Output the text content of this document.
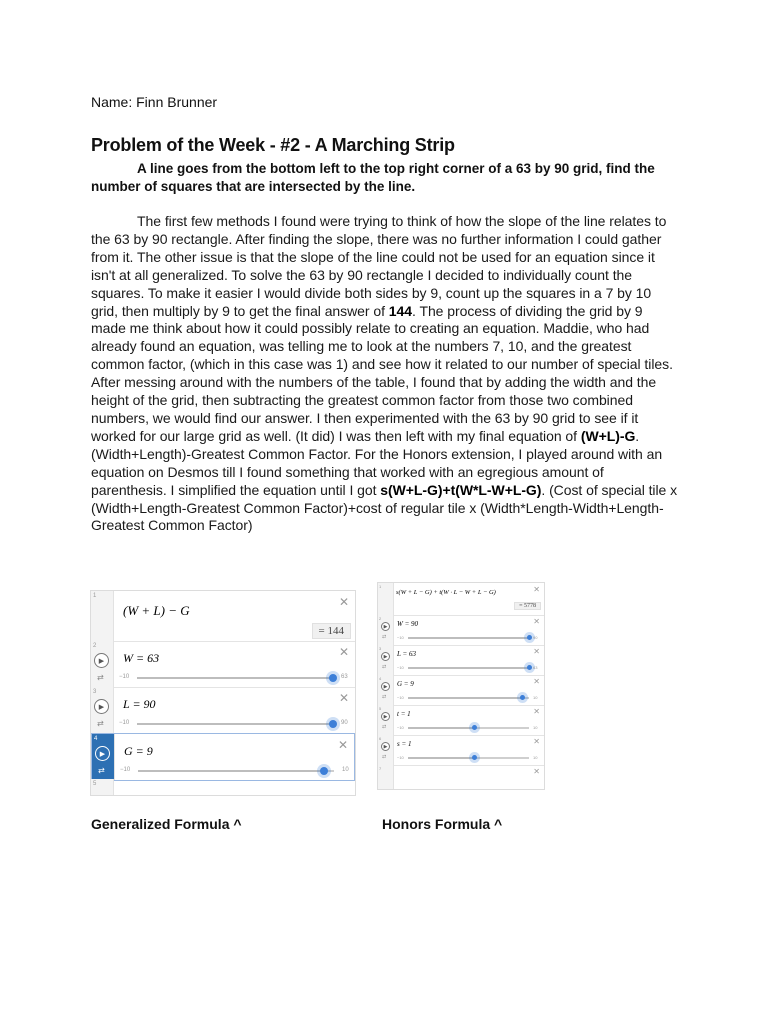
Name: Finn Brunner
Problem of the Week - #2 - A Marching Strip
A line goes from the bottom left to the top right corner of a 63 by 90 grid, find the number of squares that are intersected by the line.
The first few methods I found were trying to think of how the slope of the line relates to the 63 by 90 rectangle. After finding the slope, there was no further information I could gather from it. The other issue is that the slope of the line could not be used for an equation since it isn't at all generalized. To solve the 63 by 90 rectangle I decided to individually count the squares. To make it easier I would divide both sides by 9, count up the squares in a 7 by 10 grid, then multiply by 9 to get the final answer of 144. The process of dividing the grid by 9 made me think about how it could possibly relate to creating an equation. Maddie, who had already found an equation, was telling me to look at the numbers 7, 10, and the greatest common factor, (which in this case was 1) and see how it related to our number of special tiles. After messing around with the numbers of the table, I found that by adding the width and the height of the grid, then subtracting the greatest common factor from those two combined numbers, we would find our answer. I then experimented with the 63 by 90 grid to see if it worked for our large grid as well. (It did) I was then left with my final equation of (W+L)-G. (Width+Length)-Greatest Common Factor. For the Honors extension, I played around with an equation on Desmos till I found something that worked with an egregious amount of parenthesis. I simplified the equation until I got s(W+L-G)+t(W*L-W+L-G). (Cost of special tile x (Width+Length-Greatest Common Factor)+cost of regular tile x (Width*Length-Width+Length-Greatest Common Factor)
1
(W + L) − G
✕
= 144
2
▶
⇄
W = 63	✕
−10	63
3
▶
⇄
L = 90	✕
−10	90
4
▶
⇄
G = 9	✕
−10	10
5
1
s(W + L − G) + t(W · L − W + L − G)	✕
= 5778
2
▶
⇄
W = 90	✕
−10	90
3
▶
⇄
L = 63	✕
−10	63
4
▶
⇄
G = 9	✕
−10	10
5
▶
⇄
t = 1	✕
−10	10
6
▶
⇄
s = 1	✕
−10	10
7	✕
Generalized Formula ^	Honors Formula ^
